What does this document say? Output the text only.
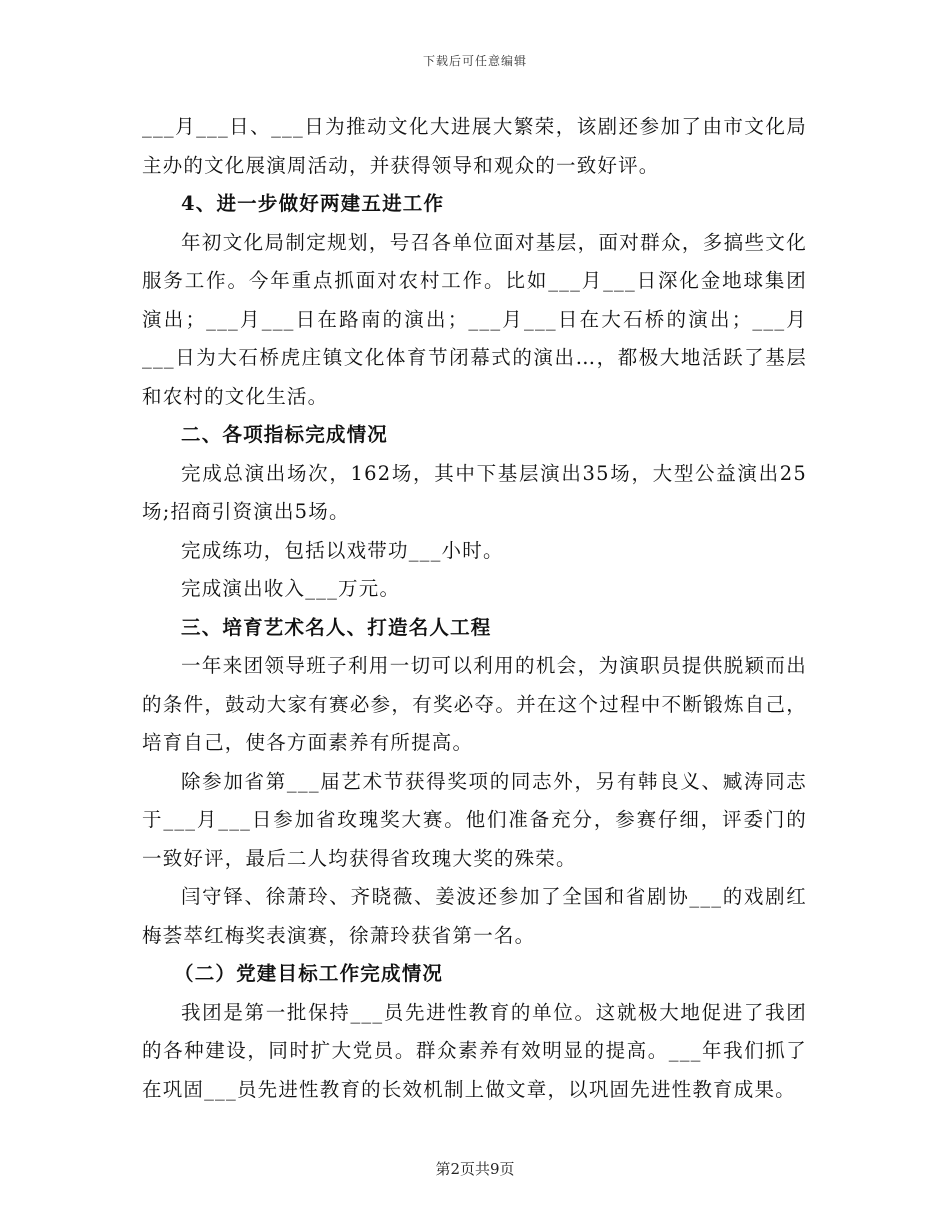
下载后可任意编辑

___月___日、___日为推动文化大进展大繁荣，该剧还参加了由市文化局主办的文化展演周活动，并获得领导和观众的一致好评。

4、进一步做好两建五进工作

年初文化局制定规划，号召各单位面对基层，面对群众，多搞些文化服务工作。今年重点抓面对农村工作。比如___月___日深化金地球集团演出；___月___日在路南的演出；___月___日在大石桥的演出；___月___日为大石桥虎庄镇文化体育节闭幕式的演出…，都极大地活跃了基层和农村的文化生活。

二、各项指标完成情况

完成总演出场次，162场，其中下基层演出35场，大型公益演出25场;招商引资演出5场。

完成练功，包括以戏带功___小时。

完成演出收入___万元。

三、培育艺术名人、打造名人工程

一年来团领导班子利用一切可以利用的机会，为演职员提供脱颖而出的条件，鼓动大家有赛必参，有奖必夺。并在这个过程中不断锻炼自己，培育自己，使各方面素养有所提高。

除参加省第___届艺术节获得奖项的同志外，另有韩良义、臧涛同志于___月___日参加省玫瑰奖大赛。他们准备充分，参赛仔细，评委门的一致好评，最后二人均获得省玫瑰大奖的殊荣。

闫守铎、徐萧玲、齐晓薇、姜波还参加了全国和省剧协___的戏剧红梅荟萃红梅奖表演赛，徐萧玲获省第一名。

（二）党建目标工作完成情况

我团是第一批保持___员先进性教育的单位。这就极大地促进了我团的各种建设，同时扩大党员。群众素养有效明显的提高。___年我们抓了在巩固___员先进性教育的长效机制上做文章，以巩固先进性教育成果。

第2页共9页
